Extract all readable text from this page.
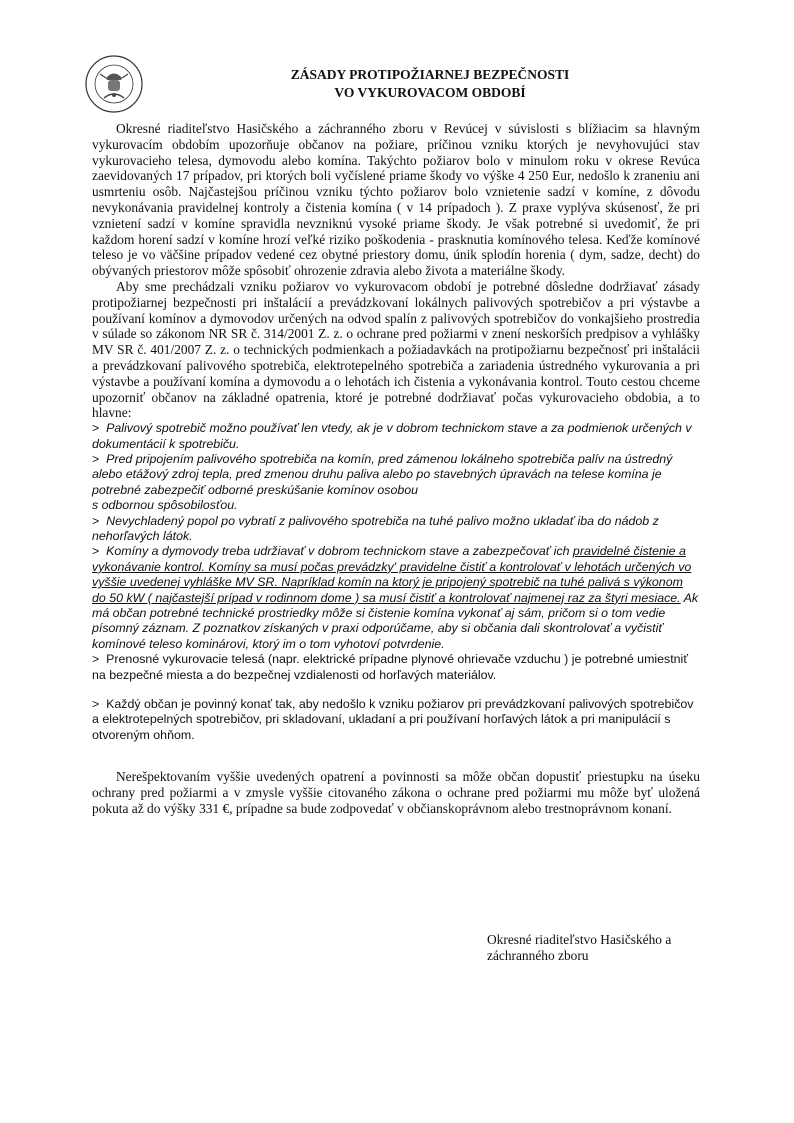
ZÁSADY PROTIPOŽIARNEJ BEZPEČNOSTI
VO VYKUROVACOM OBDOBÍ

Okresné riaditeľstvo Hasičského a záchranného zboru v Revúcej v súvislosti s blížiacim sa hlavným vykurovacím obdobím upozorňuje občanov na požiare, príčinou vzniku ktorých je nevyhovujúci stav vykurovacieho telesa, dymovodu alebo komína. Takýchto požiarov bolo v minulom roku v okrese Revúca zaevidovaných 17 prípadov, pri ktorých boli vyčíslené priame škody vo výške 4 250 Eur, nedošlo k zraneniu ani usmrteniu osôb. Najčastejšou príčinou vzniku týchto požiarov bolo vznietenie sadzí v komíne, z dôvodu nevykonávania pravidelnej kontroly a čistenia komína ( v 14 prípadoch ). Z praxe vyplýva skúsenosť, že pri vznietení sadzí v komíne spravidla nevzniknú vysoké priame škody. Je však potrebné si uvedomiť, že pri každom horení sadzí v komíne hrozí veľké riziko poškodenia - prasknutia komínového telesa. Keďže komínové teleso je vo väčšine prípadov vedené cez obytné priestory domu, únik splodín horenia ( dym, sadze, decht) do obývaných priestorov môže spôsobiť ohrozenie zdravia alebo života a materiálne škody.

Aby sme prechádzali vzniku požiarov vo vykurovacom období je potrebné dôsledne dodržiavať zásady protipožiarnej bezpečnosti pri inštalácií a prevádzkovaní lokálnych palivových spotrebičov a pri výstavbe a používaní komínov a dymovodov určených na odvod spalín z palivových spotrebičov do vonkajšieho prostredia v súlade so zákonom NR SR č. 314/2001 Z. z. o ochrane pred požiarmi v znení neskorších predpisov a vyhlášky MV SR č. 401/2007 Z. z. o technických podmienkach a požiadavkách na protipožiarnu bezpečnosť pri inštalácii a prevádzkovaní palivového spotrebiča, elektrotepelného spotrebiča a zariadenia ústredného vykurovania a pri výstavbe a používaní komína a dymovodu a o lehotách ich čistenia a vykonávania kontrol. Touto cestou chceme upozorniť občanov na základné opatrenia, ktoré je potrebné dodržiavať počas vykurovacieho obdobia, a to hlavne:

> Palivový spotrebič možno používať len vtedy, ak je v dobrom technickom stave a za podmienok určených v dokumentácií k spotrebiču.
> Pred pripojením palivového spotrebiča na komín, pred zámenou lokálneho spotrebiča palív na ústredný alebo etážový zdroj tepla, pred zmenou druhu paliva alebo po stavebných úpravách na telese komína je potrebné zabezpečiť odborné preskúšanie komínov osobou
s odbornou spôsobilosťou.
> Nevychladený popol po vybratí z palivového spotrebiča na tuhé palivo možno ukladať iba do nádob z nehorľavých látok.
> Komíny a dymovody treba udržiavať v dobrom technickom stave a zabezpečovať ich pravidelné čistenie a vykonávanie kontrol. Komíny sa musí počas prevádzky' pravidelne čistiť a kontrolovať v lehotách určených vo vyššie uvedenej vyhláške MV SR. Napríklad komín na ktorý je pripojený spotrebič na tuhé palivá s výkonom do 50 kW ( najčastejší prípad v rodinnom dome ) sa musí čistiť a kontrolovať najmenej raz za štyri mesiace. Ak má občan potrebné technické prostriedky môže si čistenie komína vykonať aj sám, pričom si o tom vedie písomný záznam. Z poznatkov získaných v praxi odporúčame, aby si občania dali skontrolovať a vyčistiť komínové teleso kominárovi, ktorý im o tom vyhotoví potvrdenie.
> Prenosné vykurovacie telesá (napr. elektrické prípadne plynové ohrievače vzduchu ) je potrebné umiestniť na bezpečné miesta a do bezpečnej vzdialenosti od horľavých materiálov.
> Každý občan je povinný konať tak, aby nedošlo k vzniku požiarov pri prevádzkovaní palivových spotrebičov a elektrotepelných spotrebičov, pri skladovaní, ukladaní a pri používaní horľavých látok a pri manipulácií s otvoreným ohňom.

Nerešpektovaním vyššie uvedených opatrení a povinnosti sa môže občan dopustiť priestupku na úseku ochrany pred požiarmi a v zmysle vyššie citovaného zákona o ochrane pred požiarmi mu môže byť uložená pokuta až do výšky 331 €, prípadne sa bude zodpovedať v občianskoprávnom alebo trestnoprávnom konaní.

Okresné riaditeľstvo Hasičského a
záchranného zboru
